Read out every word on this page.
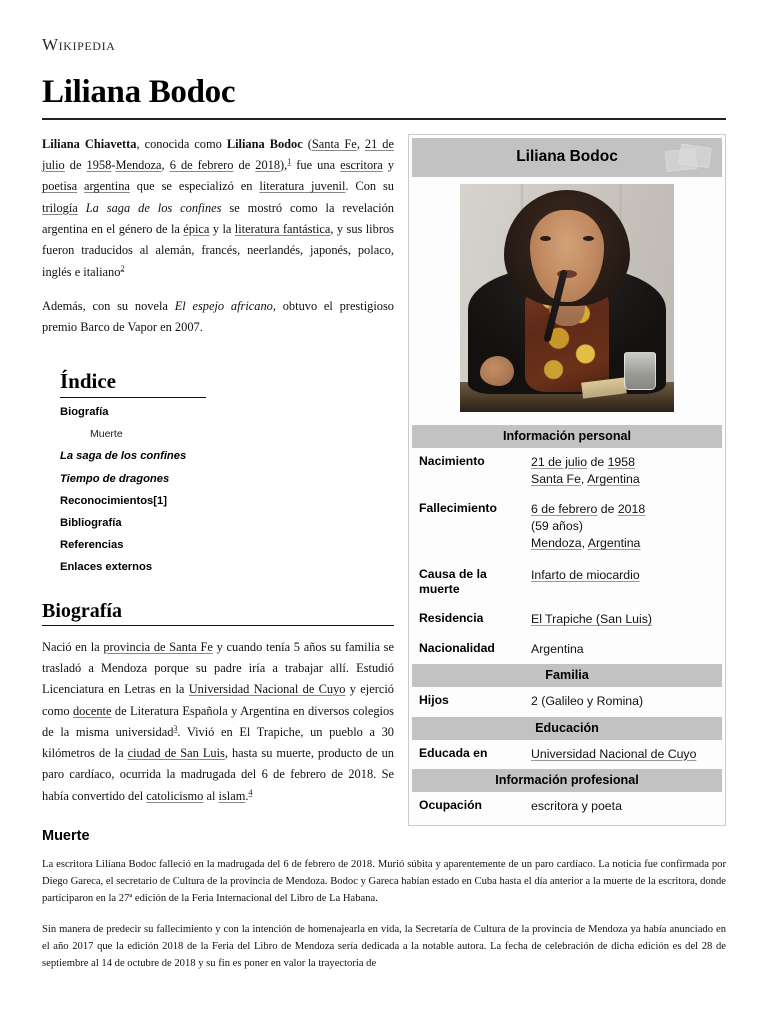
Wikipedia
Liliana Bodoc
Liliana Bodoc
Información personal	
Nacimiento	21 de julio de 1958
Santa Fe, Argentina

Fallecimiento	6 de febrero de 2018
(59 años)
Mendoza, Argentina

Causa de la muerte	Infarto de miocardio
Residencia	El Trapiche (San Luis)
Nacionalidad	Argentina
Familia	
Hijos	2 (Galileo y Romina)
Educación	
Educada en	Universidad Nacional de Cuyo
Información profesional	
Ocupación	escritora y poeta

Liliana Chiavetta, conocida como Liliana Bodoc (Santa Fe, 21 de julio de 1958-Mendoza, 6 de febrero de 2018),$^1$ fue una escritora y poetisa argentina que se especializó en literatura juvenil. Con su trilogía La saga de los confines se mostró como la revelación argentina en el género de la épica y la literatura fantástica, y sus libros fueron traducidos al alemán, francés, neerlandés, japonés, polaco, inglés e italiano$^2$

Además, con su novela El espejo africano, obtuvo el prestigioso premio Barco de Vapor en 2007.

Índice
Biografía
Muerte
La saga de los confines
Tiempo de dragones
Reconocimientos[1]
Bibliografía
Referencias
Enlaces externos
Biografía

Nació en la provincia de Santa Fe y cuando tenía 5 años su familia se trasladó a Mendoza porque su padre iría a trabajar allí. Estudió Licenciatura en Letras en la Universidad Nacional de Cuyo y ejerció como docente de Literatura Española y Argentina en diversos colegios de la misma universidad$^3$. Vivió en El Trapiche, un pueblo a 30 kilómetros de la ciudad de San Luis, hasta su muerte, producto de un paro cardíaco, ocurrida la madrugada del 6 de febrero de 2018. Se había convertido del catolicismo al islam.$^4$

Muerte

La escritora Liliana Bodoc falleció en la madrugada del 6 de febrero de 2018. Murió súbita y aparentemente de un paro cardíaco. La noticia fue confirmada por Diego Gareca, el secretario de Cultura de la provincia de Mendoza. Bodoc y Gareca habían estado en Cuba hasta el día anterior a la muerte de la escritora, donde participaron en la 27ª edición de la Feria Internacional del Libro de La Habana.

Sin manera de predecir su fallecimiento y con la intención de homenajearla en vida, la Secretaría de Cultura de la provincia de Mendoza ya había anunciado en el año 2017 que la edición 2018 de la Feria del Libro de Mendoza sería dedicada a la notable autora. La fecha de celebración de dicha edición es del 28 de septiembre al 14 de octubre de 2018 y su fin es poner en valor la trayectoria de
